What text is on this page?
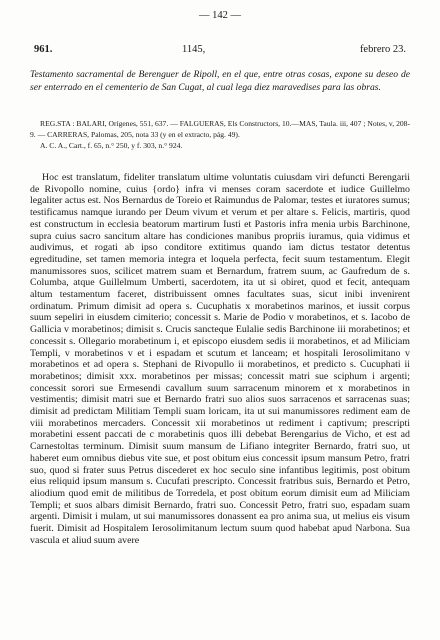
— 142 —
961.	1145,	febrero 23.

Testamento sacramental de Berenguer de Ripoll, en el que, entre otras cosas, expone su deseo de ser enterrado en el cementerio de San Cugat, al cual lega diez maravedises para las obras.

REG.STA : BALARI, Orígenes, 551, 637. — FALGUERAS, Els Constructors, 10.—MAS, Taula. iii, 407 ; Notes, v, 208-9. — CARRERAS, Palomas, 205, nota 33 (y en el extracto, pág. 49).

A. C. A., Cart., f. 65, n.° 250, y f. 303, n.° 924.

Hoc est translatum, fideliter translatum ultime voluntatis cuiusdam viri defuncti Berengarii de Rivopollo nomine, cuius {ordo} infra vi menses coram sacerdote et iudice Guillelmo legaliter actus est. Nos Bernardus de Toreio et Raimundus de Palomar, testes et iuratores sumus; testificamus namque iurando per Deum vivum et verum et per altare s. Felicis, martiris, quod est constructum in ecclesia beatorum martirum Iusti et Pastoris infra menia urbis Barchinone, supra cuius sacro sancitum altare has condiciones manibus propriis iuramus, quia vidimus et audivimus, et rogati ab ipso conditore extitimus quando iam dictus testator detentus egreditudine, set tamen memoria integra et loquela perfecta, fecit suum testamentum. Elegit manumissores suos, scilicet matrem suam et Bernardum, fratrem suum, ac Gaufredum de s. Columba, atque Guillelmum Umberti, sacerdotem, ita ut si obiret, quod et fecit, antequam altum testamentum faceret, distribuissent omnes facultates suas, sicut inibi invenirent ordinatum. Primum dimisit ad opera s. Cucuphatis x morabetinos marinos, et iussit corpus suum sepeliri in eiusdem cimiterio; concessit s. Marie de Podio v morabetinos, et s. Iacobo de Gallicia v morabetinos; dimisit s. Crucis sancteque Eulalie sedis Barchinone iii morabetinos; et concessit s. Ollegario morabetinum i, et episcopo eiusdem sedis ii morabetinos, et ad Miliciam Templi, v morabetinos v et i espadam et scutum et lanceam; et hospitali Ierosolimitano v morabetinos et ad opera s. Stephani de Rivopullo ii morabetinos, et predicto s. Cucuphati ii morabetinos; dimisit xxx. morabetinos per missas; concessit matri sue sciphum i argenti; concessit sorori sue Ermesendi cavallum suum sarracenum minorem et x morabetinos in vestimentis; dimisit matri sue et Bernardo fratri suo alios suos sarracenos et sarracenas suas; dimisit ad predictam Militiam Templi suam loricam, ita ut sui manumissores rediment eam de viii morabetinos mercaders. Concessit xii morabetinos ut rediment i captivum; prescripti morabetini essent paccati de c morabetinis quos illi debebat Berengarius de Vicho, et est ad Carnestoltas terminum. Dimisit suum mansum de Lifiano integriter Bernardo, fratri suo, ut haberet eum omnibus diebus vite sue, et post obitum eius concessit ipsum mansum Petro, fratri suo, quod si frater suus Petrus discederet ex hoc seculo sine infantibus legitimis, post obitum eius reliquid ipsum mansum s. Cucufati prescripto. Concessit fratribus suis, Bernardo et Petro, aliodium quod emit de militibus de Torredela, et post obitum eorum dimisit eum ad Miliciam Templi; et suos albars dimisit Bernardo, fratri suo. Concessit Petro, fratri suo, espadam suam argenti. Dimisit i mulam, ut sui manumissores donassent ea pro anima sua, ut melius eis visum fuerit. Dimisit ad Hospitalem Ierosolimitanum lectum suum quod habebat apud Narbona. Sua vascula et aliud suum avere
